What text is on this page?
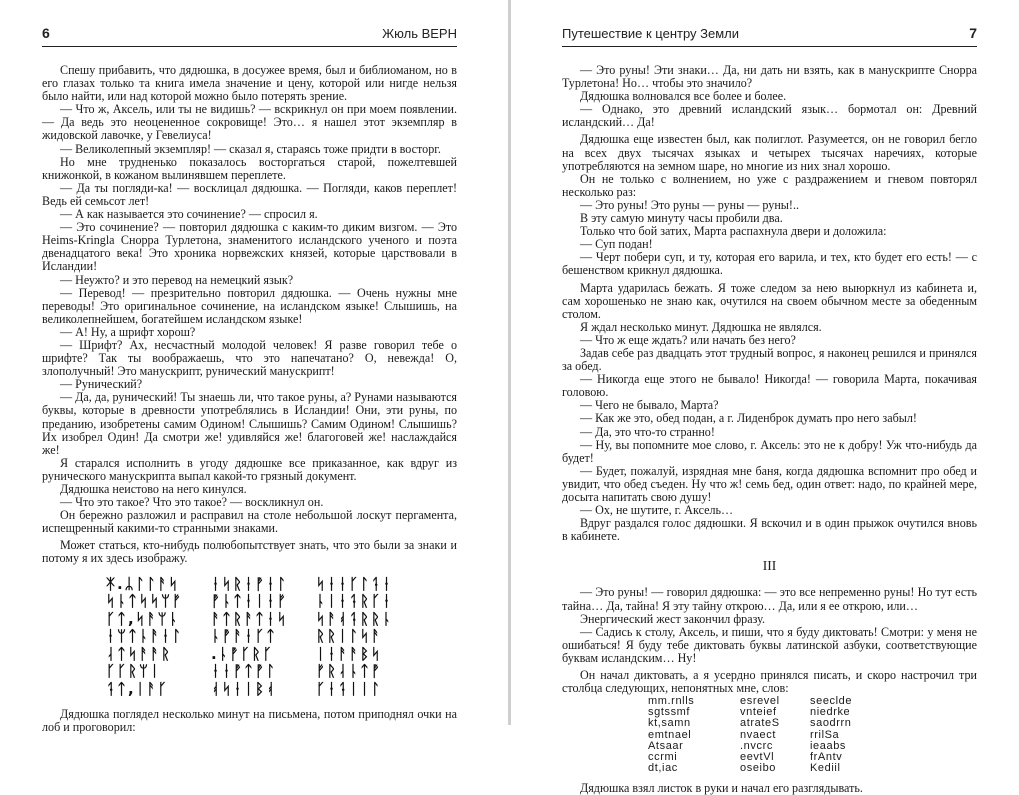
6	Жюль ВЕРН

Спешу прибавить, что дядюшка, в досужее время, был и библиоманом, но в его глазах только та книга имела значение и цену, которой или нигде нельзя было найти, или над которой можно было потерять зрение.

— Что ж, Аксель, или ты не видишь? — вскрикнул он при моем появлении. — Да ведь это неоцененное сокровище! Это… я нашел этот экземпляр в жидовской лавочке, у Гевелиуса!

— Великолепный экземпляр! — сказал я, стараясь тоже придти в восторг.

Но мне трудненько показалось восторгаться старой, пожелтевшей книжонкой, в кожаном вылинявшем переплете.

— Да ты погляди-ка! — восклицал дядюшка. — Погляди, каков переплет! Ведь ей семьсот лет!

— А как называется это сочинение? — спросил я.

— Это сочинение? — повторил дядюшка с каким-то диким визгом. — Это Heims-Kringla Снорра Турлетона, знаменитого исландского ученого и поэта двенадцатого века! Это хроника норвежских князей, которые царствовали в Исландии!

— Неужто? и это перевод на немецкий язык?

— Перевод! — презрительно повторил дядюшка. — Очень нужны мне переводы! Это оригинальное сочинение, на исландском языке! Слышишь, на великолепнейшем, богатейшем исландском языке!

— А! Ну, а шрифт хорош?

— Шрифт? Ах, несчастный молодой человек! Я разве говорил тебе о шрифте? Так ты воображаешь, что это напечатано? О, невежда! О, злополучный! Это манускрипт, рунический манускрипт!

— Рунический?

— Да, да, рунический! Ты знаешь ли, что такое руны, а? Рунами называются буквы, которые в древности употреблялись в Исландии! Они, эти руны, по преданию, изобретены самим Одином! Слышишь? Самим Одином! Слышишь? Их изобрел Один! Да смотри же! удивляйся же! благоговей же! наслаждайся же!

Я старался исполнить в угоду дядюшке все приказанное, как вдруг из рунического манускрипта выпал какой-то грязный документ.

Дядюшка неистово на него кинулся.

— Что это такое? Что это такое? — воскликнул он.

Он бережно разложил и расправил на столе небольшой лоскут пергамента, испещренный какими-то странными знаками.

Может статься, кто-нибудь полюбопытствует знать, что это были за знаки и потому я их здесь изображу.

ᛡ.ᛦᛚᛚᚨᛋ
ᛋᚿᛏᛋᛋᛘᚠ
ᚴᛏ,ᛋᚨᛘᚿ
ᛂᛘᛏᚿᚨᛂᛚ
ᛆᛏᛋᚨᚨᚱ
ᚴᚴᚱᛘᛁ
ᛑᛏ,ᛁᚨᚴ
ᛂᛋᚱᛂᚡᛂᛚ
ᚡᚿᛏᛂᛁᛂᚠ
ᚨᛏᚱᚨᛏᛂᛋ
ᚿᚡᚨᛂᚴᛏ
.ᚿᚡᚴᚱᚴ
ᛂᛂᚡᛏᚡᛚ
ᚮᛋᛂᛁᛒᚮ
ᛋᛂᛂᚴᛚᛑᛂ
ᚿᛁᛂᛑᚱᚴᛂ
ᛋᚨᚮᛑᚱᚱᚿ
ᚱᚱᛁᛚᛋᚨ
ᛁᛂᚨᚨᛒᛋ
ᚠᚱᛆᚿᛏᚡ
ᚴᛂᛑᛁᛁᛚ

Дядюшка поглядел несколько минут на письмена, потом приподнял очки на лоб и проговорил:

Путешествие к центру Земли	7

— Это руны! Эти знаки… Да, ни дать ни взять, как в манускрипте Снорра Турлетона! Но… чтобы это значило?

Дядюшка волновался все более и более.

— Однако, это древний исландский язык… бормотал он: Древний исландский… Да!

Дядюшка еще известен был, как полиглот. Разумеется, он не говорил бегло на всех двух тысячах языках и четырех тысячах наречиях, которые употребляются на земном шаре, но многие из них знал хорошо.

Он не только с волнением, но уже с раздражением и гневом повторял несколько раз:

— Это руны! Это руны — руны — руны!..

В эту самую минуту часы пробили два.

Только что бой затих, Марта распахнула двери и доложила:

— Суп подан!

— Черт побери суп, и ту, которая его варила, и тех, кто будет его есть! — с бешенством крикнул дядюшка.

Марта ударилась бежать. Я тоже следом за нею выюркнул из кабинета и, сам хорошенько не знаю как, очутился на своем обычном месте за обеденным столом.

Я ждал несколько минут. Дядюшка не являлся.

— Что ж еще ждать? или начать без него?

Задав себе раз двадцать этот трудный вопрос, я наконец решился и принялся за обед.

— Никогда еще этого не бывало! Никогда! — говорила Марта, покачивая головою.

— Чего не бывало, Марта?

— Как же это, обед подан, а г. Лиденброк думать про него забыл!

— Да, это что-то странно!

— Ну, вы попомните мое слово, г. Аксель: это не к добру! Уж что-нибудь да будет!

— Будет, пожалуй, изрядная мне баня, когда дядюшка вспомнит про обед и увидит, что обед съеден. Ну что ж! семь бед, один ответ: надо, по крайней мере, досыта напитать свою душу!

— Ох, не шутите, г. Аксель…

Вдруг раздался голос дядюшки. Я вскочил и в один прыжок очутился вновь в кабинете.

III

— Это руны! — говорил дядюшка: — это все непременно руны! Но тут есть тайна… Да, тайна! Я эту тайну открою… Да, или я ее открою, или…

Энергический жест закончил фразу.

— Садись к столу, Аксель, и пиши, что я буду диктовать! Смотри: у меня не ошибаться! Я буду тебе диктовать буквы латинской азбуки, соответствующие буквам исландским… Ну!

Он начал диктовать, а я усердно принялся писать, и скоро настрочил три столбца следующих, непонятных мне, слов:

mm.rnlls
sgtssmf
kt,samn
emtnael
Atsaar
ccrmi
dt,iac
esrevel
vnteief
atrateS
nvaect
.nvcrc
eevtVl
oseibo
seeclde
niedrke
saodrrn
rrilSa
ieaabs
frAntv
Kediil

Дядюшка взял листок в руки и начал его разглядывать.
